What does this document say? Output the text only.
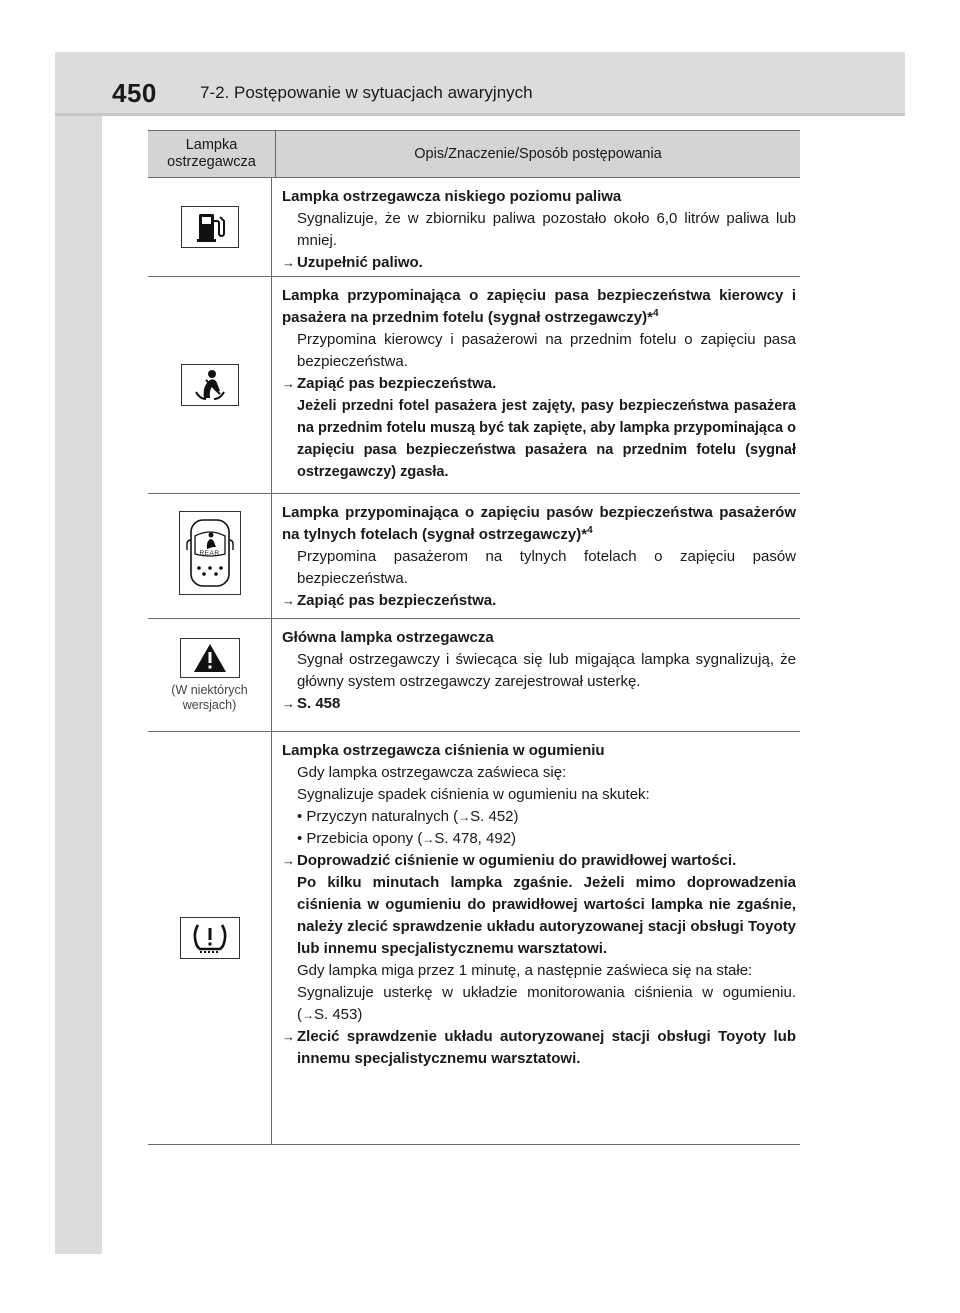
450	7-2. Postępowanie w sytuacjach awaryjnych
Lampka ostrzegawcza	Opis/Znaczenie/Sposób postępowania
Lampka ostrzegawcza niskiego poziomu paliwa
Sygnalizuje, że w zbiorniku paliwa pozostało około 6,0 litrów paliwa lub mniej.
→ Uzupełnić paliwo.
Lampka przypominająca o zapięciu pasa bezpieczeństwa kierowcy i pasażera na przednim fotelu (sygnał ostrzegawczy)*$^4$
Przypomina kierowcy i pasażerowi na przednim fotelu o zapięciu pasa bezpieczeństwa.
→ Zapiąć pas bezpieczeństwa.
Jeżeli przedni fotel pasażera jest zajęty, pasy bezpieczeństwa pasażera na przednim fotelu muszą być tak zapięte, aby lampka przypominająca o zapięciu pasa bezpieczeństwa pasażera na przednim fotelu (sygnał ostrzegawczy) zgasła.
REAR
Lampka przypominająca o zapięciu pasów bezpieczeństwa pasażerów na tylnych fotelach (sygnał ostrzegawczy)*$^4$
Przypomina pasażerom na tylnych fotelach o zapięciu pasów bezpieczeństwa.
→ Zapiąć pas bezpieczeństwa.
(W niektórych wersjach)
Główna lampka ostrzegawcza
Sygnał ostrzegawczy i świecąca się lub migająca lampka sygnalizują, że główny system ostrzegawczy zarejestrował usterkę.
→ S. 458
Lampka ostrzegawcza ciśnienia w ogumieniu
Gdy lampka ostrzegawcza zaświeca się:
Sygnalizuje spadek ciśnienia w ogumieniu na skutek:
• Przyczyn naturalnych (→S. 452)
• Przebicia opony (→S. 478, 492)
→ Doprowadzić ciśnienie w ogumieniu do prawidłowej wartości.
Po kilku minutach lampka zgaśnie. Jeżeli mimo doprowadzenia ciśnienia w ogumieniu do prawidłowej wartości lampka nie zgaśnie, należy zlecić sprawdzenie układu autoryzowanej stacji obsługi Toyoty lub innemu specjalistycznemu warsztatowi.
Gdy lampka miga przez 1 minutę, a następnie zaświeca się na stałe:
Sygnalizuje usterkę w układzie monitorowania ciśnienia w ogumieniu. (→S. 453)
→ Zlecić sprawdzenie układu autoryzowanej stacji obsługi Toyoty lub innemu specjalistycznemu warsztatowi.
